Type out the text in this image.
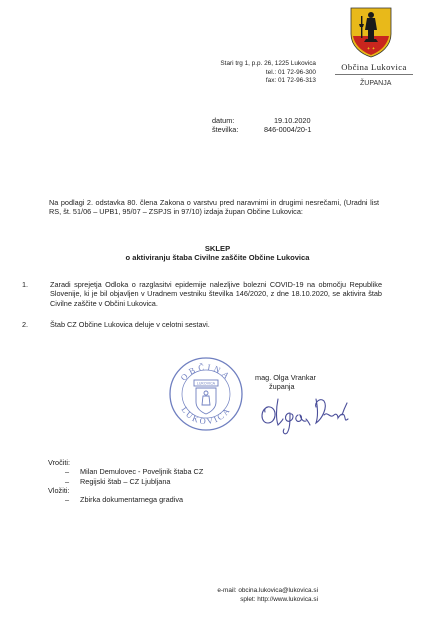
✦ ✦
Občina Lukovica
ŽUPANJA
Stari trg 1, p.p. 26, 1225 Lukovica
tel.: 01 72-96-300
fax: 01 72-96-313
datum:	19.10.2020
številka:	846-0004/20-1
Na podlagi 2. odstavka 80. člena Zakona o varstvu pred naravnimi in drugimi nesrečami, (Uradni list RS, št. 51/06 – UPB1, 95/07 – ZSPJS in 97/10) izdaja župan Občine Lukovica:
SKLEP
o aktiviranju štaba Civilne zaščite Občine Lukovica
1.	Zaradi sprejetja Odloka o razglasitvi epidemije nalezljive bolezni COVID-19 na območju Republike Slovenije, ki je bil objavljen v Uradnem vestniku številka 146/2020, z dne 18.10.2020, se aktivira štab Civilne zaščite v Občini Lukovica.
2.	Štab CZ Občine Lukovica deluje v celotni sestavi.
OBČINA
LUKOVICA
LUKOVICA
mag. Olga Vrankar
županja
Vročiti:
–	Milan Demulovec - Poveljnik štaba CZ
–	Regijski štab – CZ Ljubljana
Vložiti:
–	Zbirka dokumentarnega gradiva
e-mail: obcina.lukovica@lukovica.si
splet: http://www.lukovica.si
